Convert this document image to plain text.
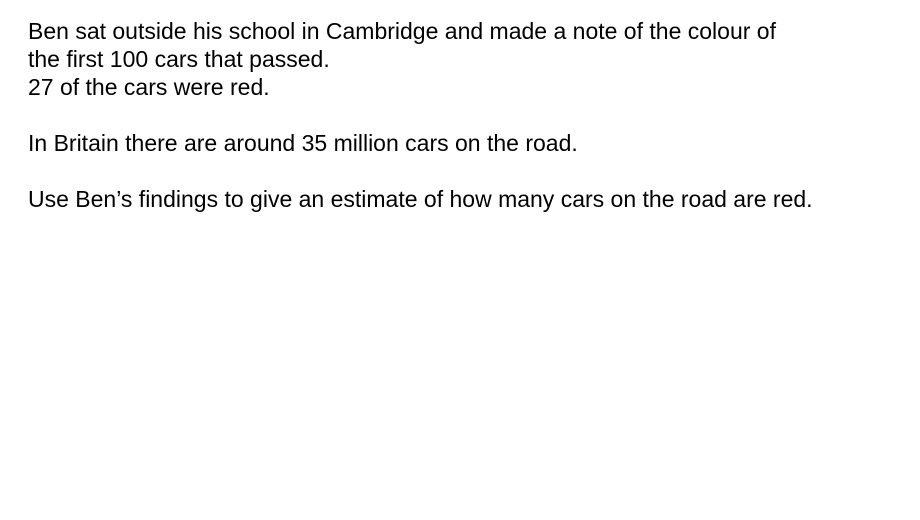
Ben sat outside his school in Cambridge and made a note of the colour of
the first 100 cars that passed.
27 of the cars were red.
In Britain there are around 35 million cars on the road.
Use Ben’s findings to give an estimate of how many cars on the road are red.
